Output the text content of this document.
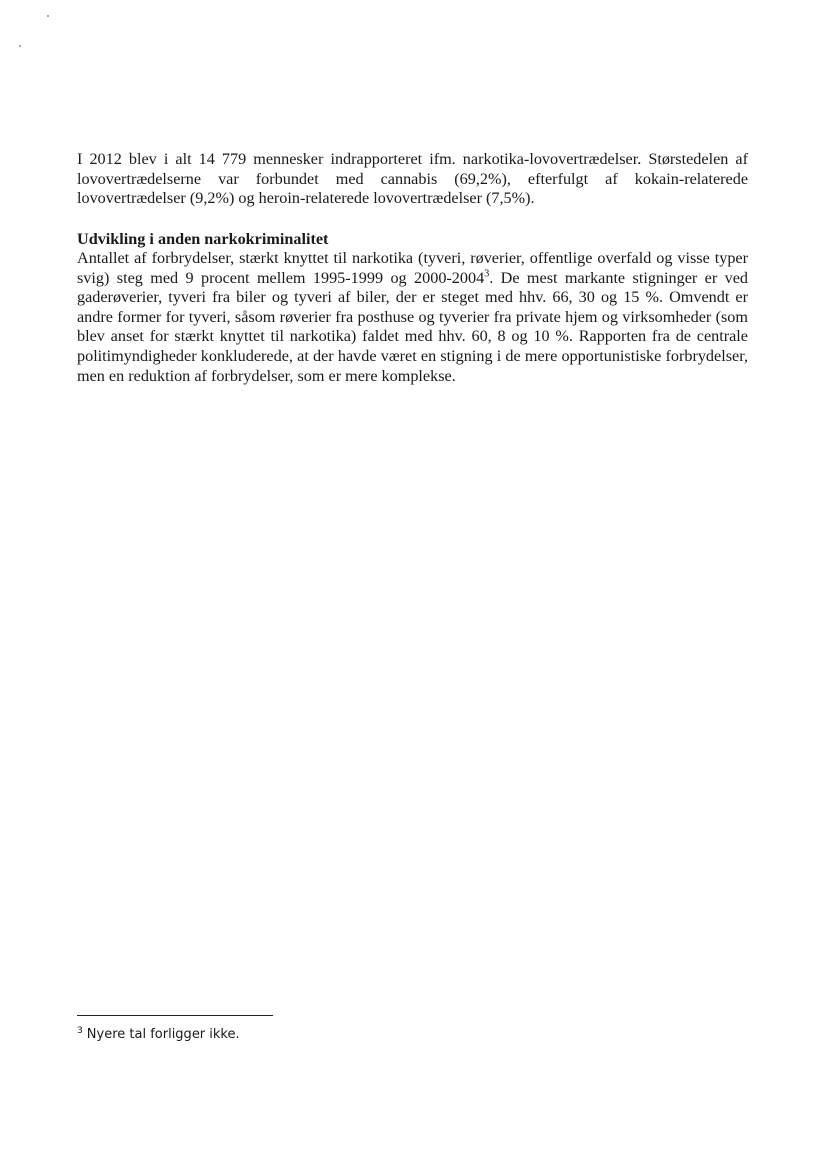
I 2012 blev i alt 14 779 mennesker indrapporteret ifm. narkotika-lovovertrædelser. Størstedelen af lovovertrædelserne var forbundet med cannabis (69,2%), efterfulgt af kokain-relaterede lovovertrædelser (9,2%) og heroin-relaterede lovovertrædelser (7,5%).

Udvikling i anden narkokriminalitet

Antallet af forbrydelser, stærkt knyttet til narkotika (tyveri, røverier, offentlige overfald og visse typer svig) steg med 9 procent mellem 1995-1999 og 2000-2004$^3$. De mest markante stigninger er ved gaderøverier, tyveri fra biler og tyveri af biler, der er steget med hhv. 66, 30 og 15 %. Omvendt er andre former for tyveri, såsom røverier fra posthuse og tyverier fra private hjem og virksomheder (som blev anset for stærkt knyttet til narkotika) faldet med hhv. 60, 8 og 10 %. Rapporten fra de centrale politimyndigheder konkluderede, at der havde været en stigning i de mere opportunistiske forbrydelser, men en reduktion af forbrydelser, som er mere komplekse.

$^3$ Nyere tal forligger ikke.
